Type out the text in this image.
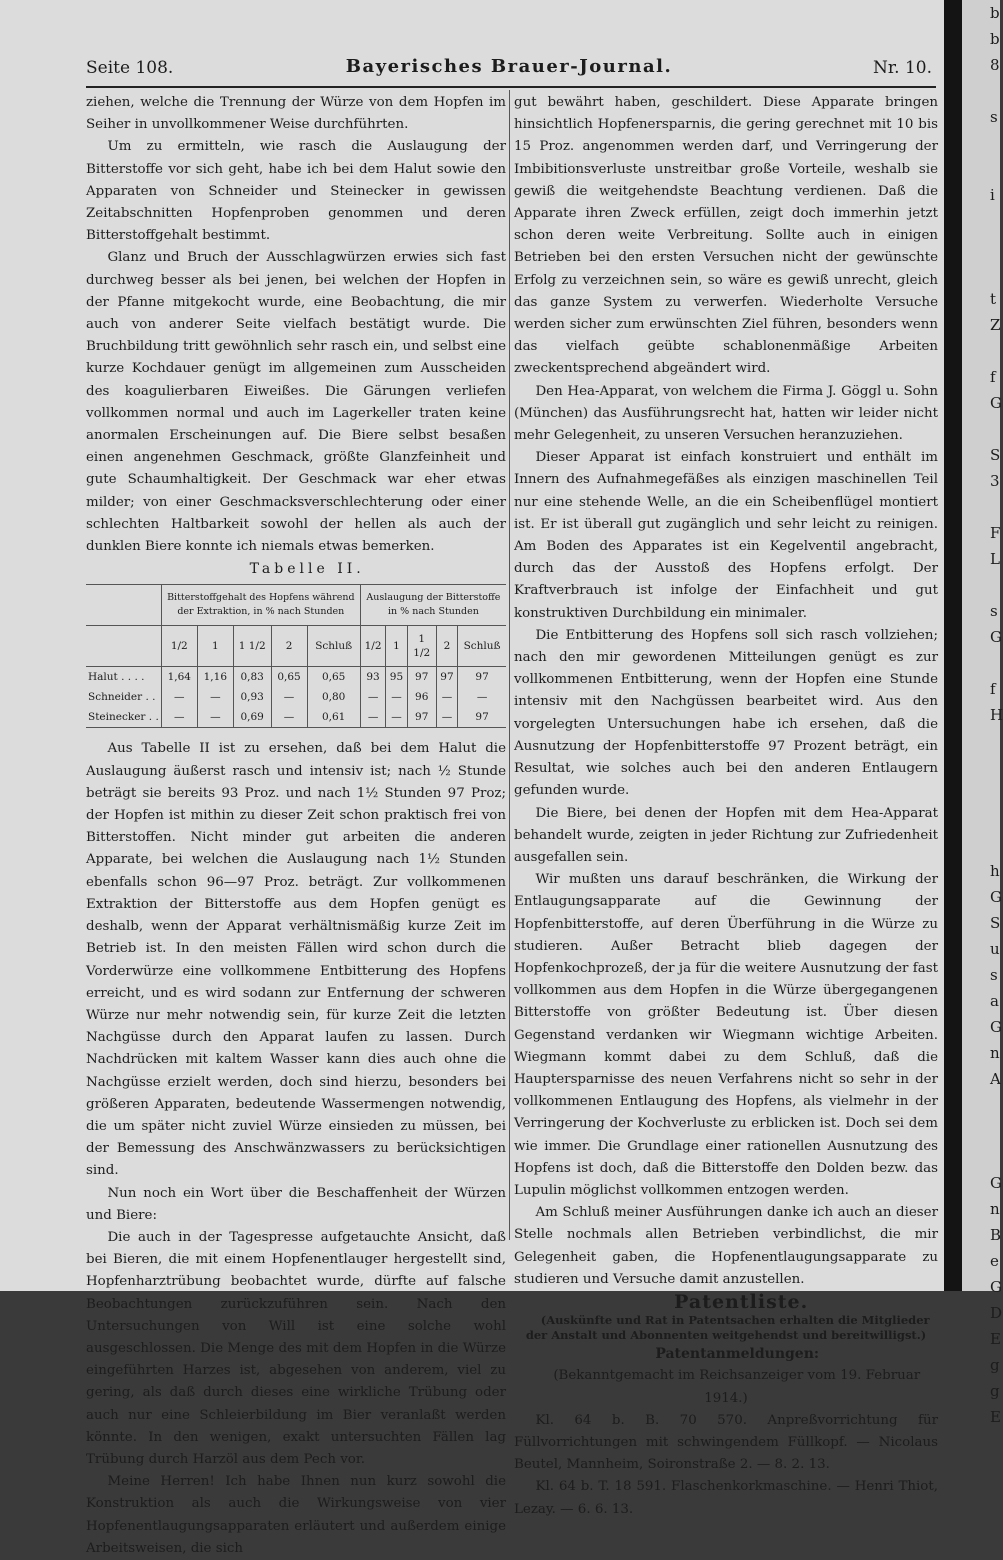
Seite 108.	Bayerisches Brauer-Journal.	Nr. 10.

ziehen, welche die Trennung der Würze von dem Hopfen im Seiher in unvollkommener Weise durchführten.

Um zu ermitteln, wie rasch die Auslaugung der Bitterstoffe vor sich geht, habe ich bei dem Halut sowie den Apparaten von Schneider und Steinecker in gewissen Zeitabschnitten Hopfenproben genommen und deren Bitterstoffgehalt bestimmt.

Glanz und Bruch der Ausschlagwürzen erwies sich fast durchweg besser als bei jenen, bei welchen der Hopfen in der Pfanne mitgekocht wurde, eine Beobachtung, die mir auch von anderer Seite vielfach bestätigt wurde. Die Bruchbildung tritt gewöhnlich sehr rasch ein, und selbst eine kurze Kochdauer genügt im allgemeinen zum Ausscheiden des koagulierbaren Eiweißes. Die Gärungen verliefen vollkommen normal und auch im Lagerkeller traten keine anormalen Erscheinungen auf. Die Biere selbst besaßen einen angenehmen Geschmack, größte Glanzfeinheit und gute Schaumhaltigkeit. Der Geschmack war eher etwas milder; von einer Geschmacksverschlechterung oder einer schlechten Haltbarkeit sowohl der hellen als auch der dunklen Biere konnte ich niemals etwas bemerken.

Tabelle II.

	Bitterstoffgehalt des Hopfens während der Extraktion, in % nach Stunden					Auslaugung der Bitterstoffe in % nach Stunden				
	1/2	1	1 1/2	2	Schluß	1/2	1	1 1/2	2	Schluß
Halut . . . .	1,64	1,16	0,83	0,65	0,65	93	95	97	97	97
Schneider . .	—	—	0,93	—	0,80	—	—	96	—	—
Steinecker . .	—	—	0,69	—	0,61	—	—	97	—	97

Aus Tabelle II ist zu ersehen, daß bei dem Halut die Auslaugung äußerst rasch und intensiv ist; nach ½ Stunde beträgt sie bereits 93 Proz. und nach 1½ Stunden 97 Proz; der Hopfen ist mithin zu dieser Zeit schon praktisch frei von Bitterstoffen. Nicht minder gut arbeiten die anderen Apparate, bei welchen die Auslaugung nach 1½ Stunden ebenfalls schon 96—97 Proz. beträgt. Zur vollkommenen Extraktion der Bitterstoffe aus dem Hopfen genügt es deshalb, wenn der Apparat verhältnismäßig kurze Zeit im Betrieb ist. In den meisten Fällen wird schon durch die Vorderwürze eine vollkommene Entbitterung des Hopfens erreicht, und es wird sodann zur Entfernung der schweren Würze nur mehr notwendig sein, für kurze Zeit die letzten Nachgüsse durch den Apparat laufen zu lassen. Durch Nachdrücken mit kaltem Wasser kann dies auch ohne die Nachgüsse erzielt werden, doch sind hierzu, besonders bei größeren Apparaten, bedeutende Wassermengen notwendig, die um später nicht zuviel Würze einsieden zu müssen, bei der Bemessung des Anschwänzwassers zu berücksichtigen sind.

Nun noch ein Wort über die Beschaffenheit der Würzen und Biere:

Die auch in der Tagespresse aufgetauchte Ansicht, daß bei Bieren, die mit einem Hopfenentlauger hergestellt sind, Hopfenharztrübung beobachtet wurde, dürfte auf falsche Beobachtungen zurückzuführen sein. Nach den Untersuchungen von Will ist eine solche wohl ausgeschlossen. Die Menge des mit dem Hopfen in die Würze eingeführten Harzes ist, abgesehen von anderem, viel zu gering, als daß durch dieses eine wirkliche Trübung oder auch nur eine Schleierbildung im Bier veranlaßt werden könnte. In den wenigen, exakt untersuchten Fällen lag Trübung durch Harzöl aus dem Pech vor.

Meine Herren! Ich habe Ihnen nun kurz sowohl die Konstruktion als auch die Wirkungsweise von vier Hopfenentlaugungsapparaten erläutert und außerdem einige Arbeitsweisen, die sich

gut bewährt haben, geschildert. Diese Apparate bringen hinsichtlich Hopfenersparnis, die gering gerechnet mit 10 bis 15 Proz. angenommen werden darf, und Verringerung der Imbibitionsverluste unstreitbar große Vorteile, weshalb sie gewiß die weitgehendste Beachtung verdienen. Daß die Apparate ihren Zweck erfüllen, zeigt doch immerhin jetzt schon deren weite Verbreitung. Sollte auch in einigen Betrieben bei den ersten Versuchen nicht der gewünschte Erfolg zu verzeichnen sein, so wäre es gewiß unrecht, gleich das ganze System zu verwerfen. Wiederholte Versuche werden sicher zum erwünschten Ziel führen, besonders wenn das vielfach geübte schablonenmäßige Arbeiten zweckentsprechend abgeändert wird.

Den Hea-Apparat, von welchem die Firma J. Göggl u. Sohn (München) das Ausführungsrecht hat, hatten wir leider nicht mehr Gelegenheit, zu unseren Versuchen heranzuziehen.

Dieser Apparat ist einfach konstruiert und enthält im Innern des Aufnahmegefäßes als einzigen maschinellen Teil nur eine stehende Welle, an die ein Scheibenflügel montiert ist. Er ist überall gut zugänglich und sehr leicht zu reinigen. Am Boden des Apparates ist ein Kegelventil angebracht, durch das der Ausstoß des Hopfens erfolgt. Der Kraftverbrauch ist infolge der Einfachheit und gut konstruktiven Durchbildung ein minimaler.

Die Entbitterung des Hopfens soll sich rasch vollziehen; nach den mir gewordenen Mitteilungen genügt es zur vollkommenen Entbitterung, wenn der Hopfen eine Stunde intensiv mit den Nachgüssen bearbeitet wird. Aus den vorgelegten Untersuchungen habe ich ersehen, daß die Ausnutzung der Hopfenbitterstoffe 97 Prozent beträgt, ein Resultat, wie solches auch bei den anderen Entlaugern gefunden wurde.

Die Biere, bei denen der Hopfen mit dem Hea-Apparat behandelt wurde, zeigten in jeder Richtung zur Zufriedenheit ausgefallen sein.

Wir mußten uns darauf beschränken, die Wirkung der Entlaugungsapparate auf die Gewinnung der Hopfenbitterstoffe, auf deren Überführung in die Würze zu studieren. Außer Betracht blieb dagegen der Hopfenkochprozeß, der ja für die weitere Ausnutzung der fast vollkommen aus dem Hopfen in die Würze übergegangenen Bitterstoffe von größter Bedeutung ist. Über diesen Gegenstand verdanken wir Wiegmann wichtige Arbeiten. Wiegmann kommt dabei zu dem Schluß, daß die Hauptersparnisse des neuen Verfahrens nicht so sehr in der vollkommenen Entlaugung des Hopfens, als vielmehr in der Verringerung der Kochverluste zu erblicken ist. Doch sei dem wie immer. Die Grundlage einer rationellen Ausnutzung des Hopfens ist doch, daß die Bitterstoffe den Dolden bezw. das Lupulin möglichst vollkommen entzogen werden.

Am Schluß meiner Ausführungen danke ich auch an dieser Stelle nochmals allen Betrieben verbindlichst, die mir Gelegenheit gaben, die Hopfenentlaugungsapparate zu studieren und Versuche damit anzustellen.

Patentliste.

(Auskünfte und Rat in Patentsachen erhalten die Mitglieder der Anstalt und Abonnenten weitgehendst und bereitwilligst.)

Patentanmeldungen:

(Bekanntgemacht im Reichsanzeiger vom 19. Februar 1914.)

Kl. 64 b. B. 70 570. Anpreßvorrichtung für Füllvorrichtungen mit schwingendem Füllkopf. — Nicolaus Beutel, Mannheim, Soironstraße 2. — 8. 2. 13.

Kl. 64 b. T. 18 591. Flaschenkorkmaschine. — Henri Thiot, Lezay. — 6. 6. 13.

b
b
8

s

i

t
Z

f
G

S
3

F
L

s
G

f
H

h
G
S
u
s
a
G
n
A

G
n
B
e
G
D
E
g
g
E
